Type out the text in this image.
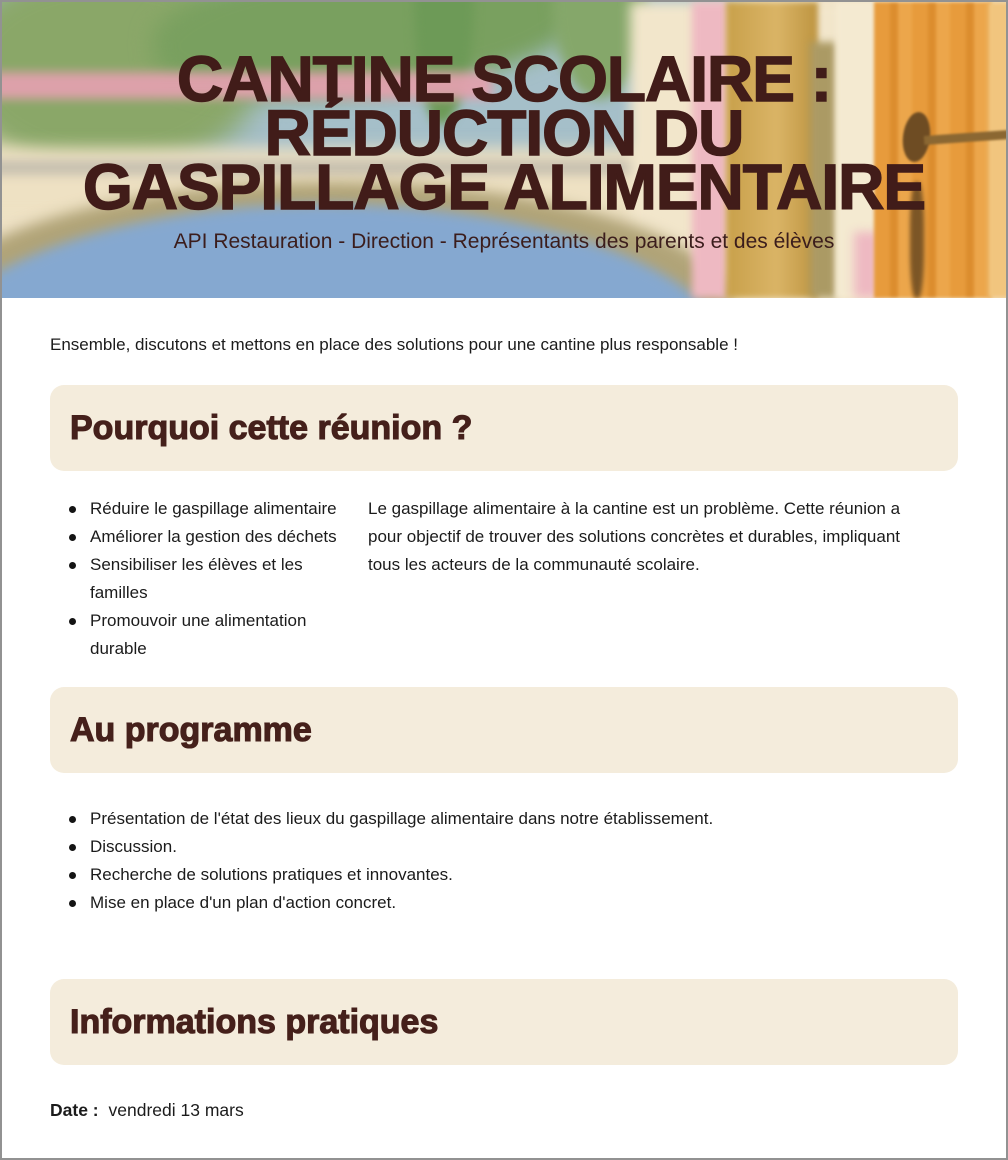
CANTINE SCOLAIRE :
RÉDUCTION DU
GASPILLAGE ALIMENTAIRE

API Restauration - Direction - Représentants des parents et des élèves

Ensemble, discutons et mettons en place des solutions pour une cantine plus responsable !

Pourquoi cette réunion ?
Réduire le gaspillage alimentaire
Améliorer la gestion des déchets
Sensibiliser les élèves et les familles
Promouvoir une alimentation durable

Le gaspillage alimentaire à la cantine est un problème. Cette réunion a pour objectif de trouver des solutions concrètes et durables, impliquant tous les acteurs de la communauté scolaire.

Au programme
Présentation de l'état des lieux du gaspillage alimentaire dans notre établissement.
Discussion.
Recherche de solutions pratiques et innovantes.
Mise en place d'un plan d'action concret.
Informations pratiques

Date : vendredi 13 mars
